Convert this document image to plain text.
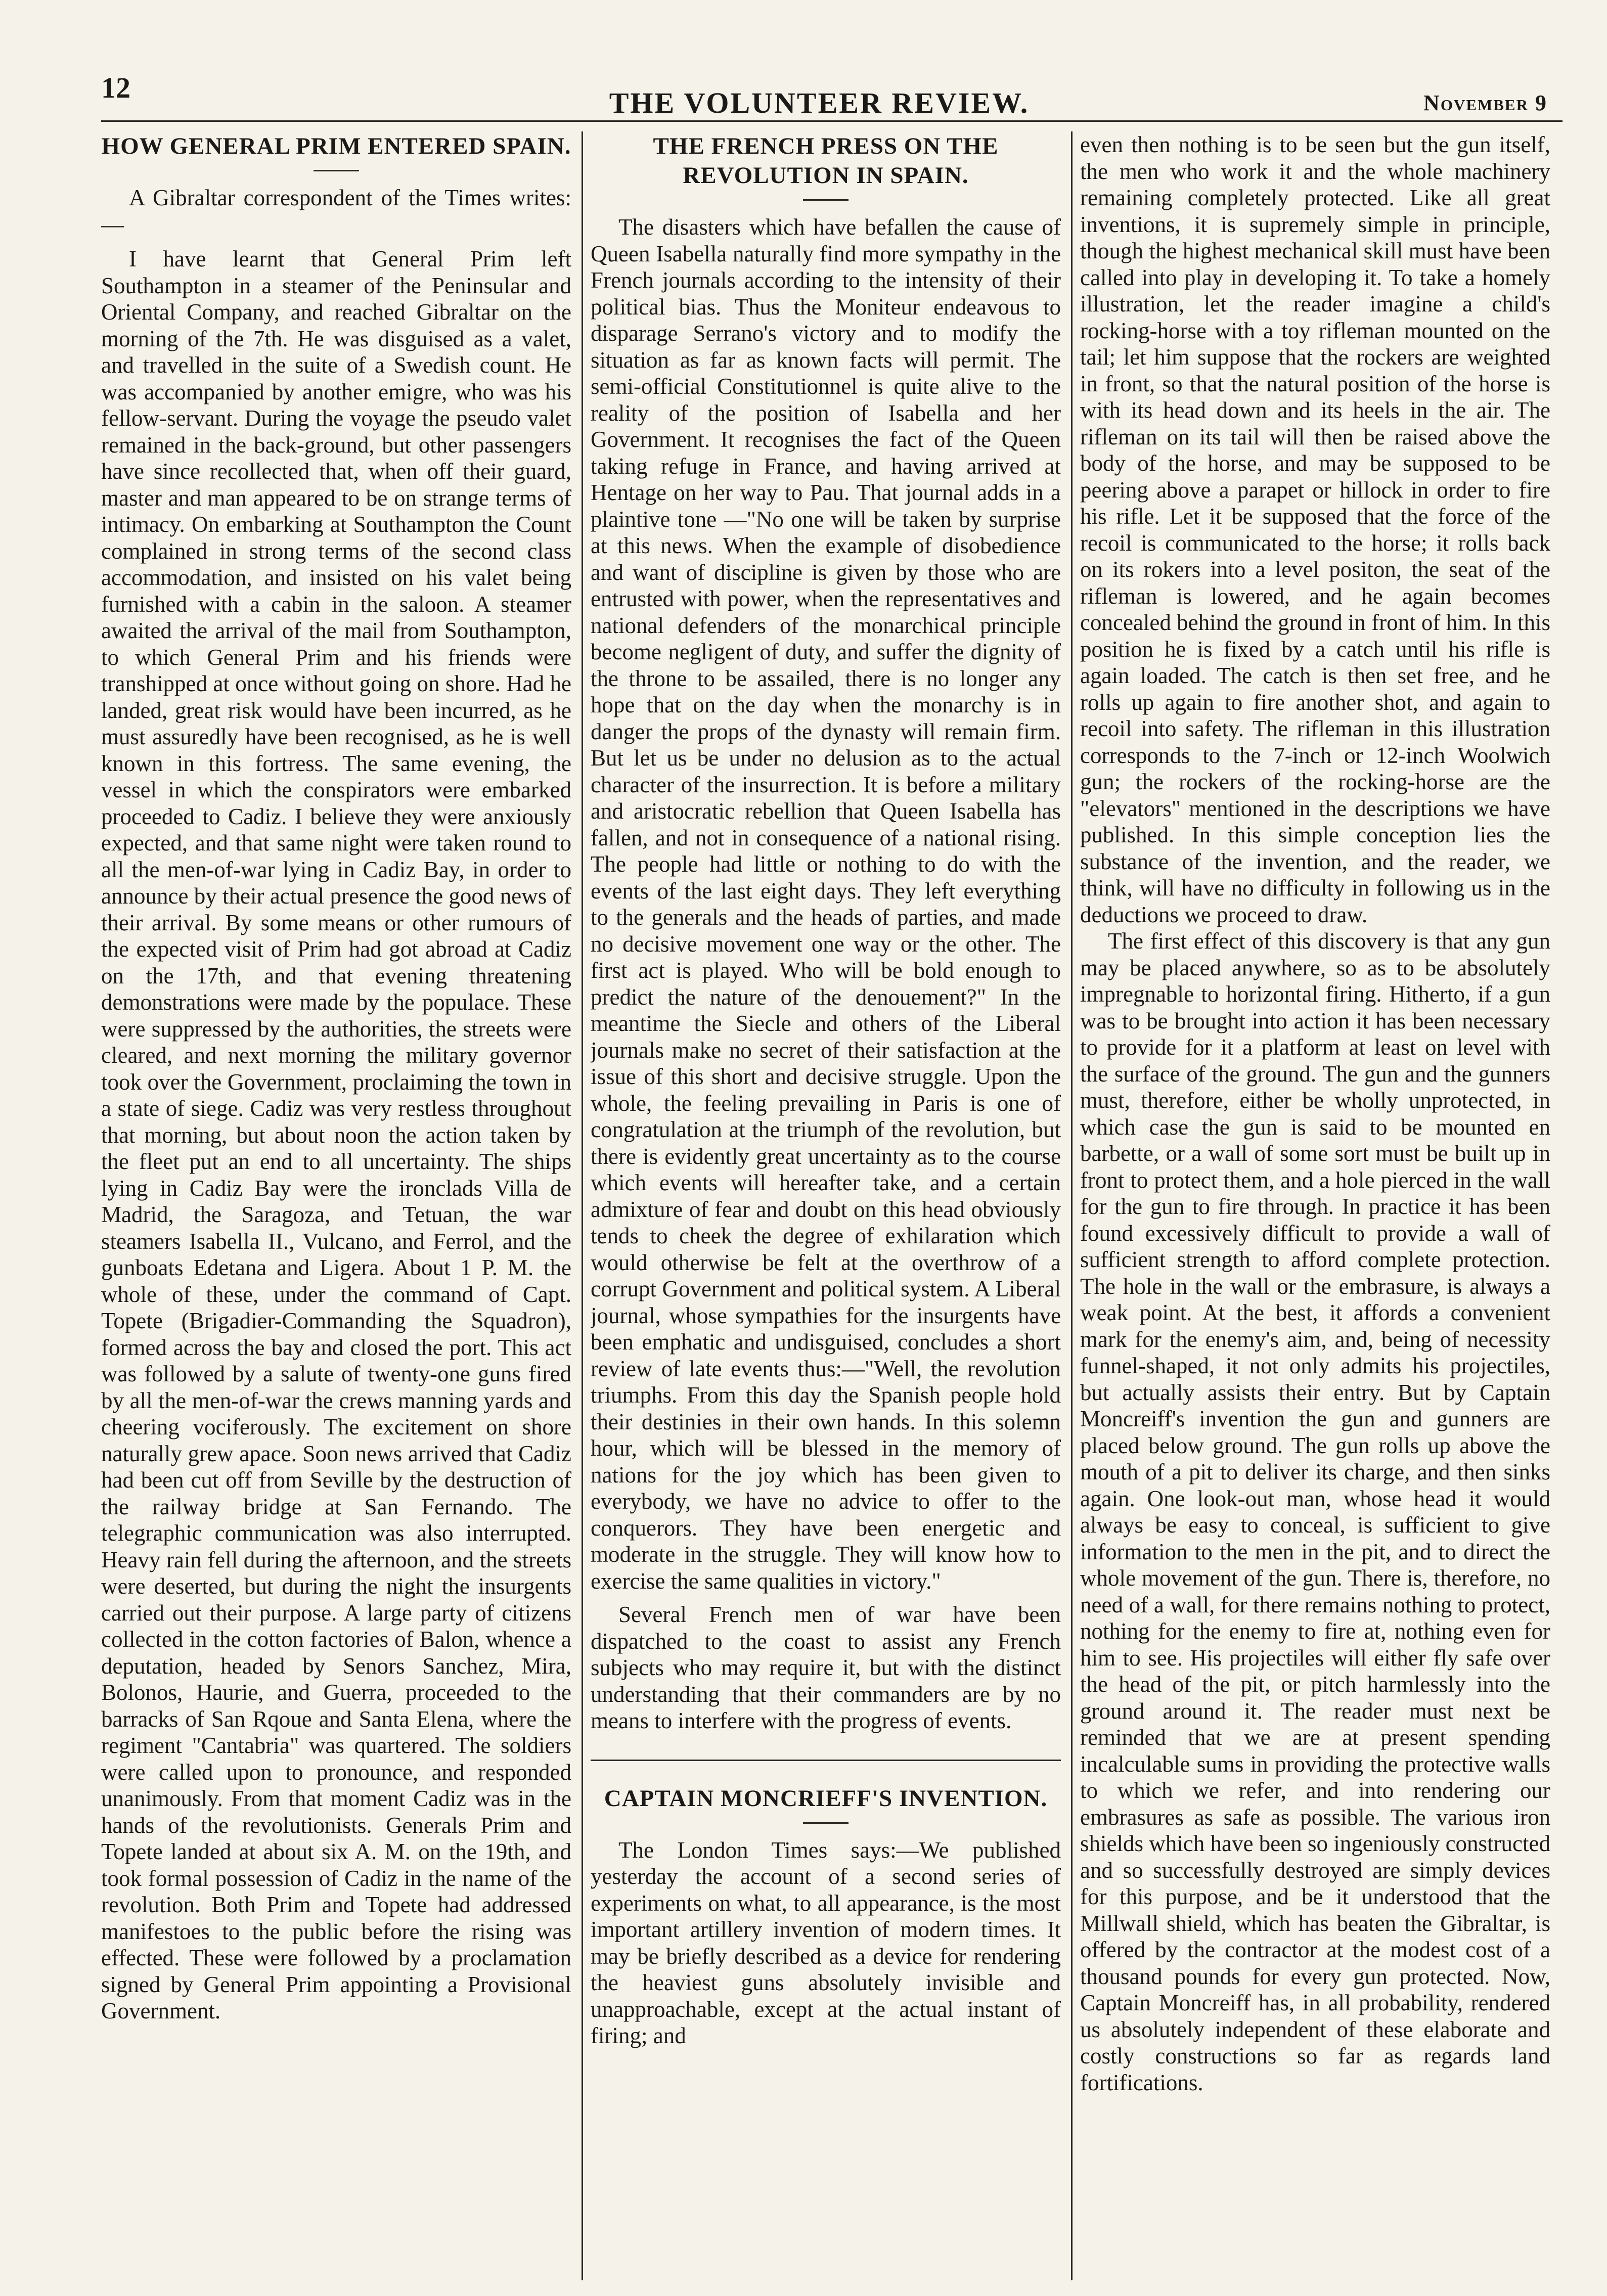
12	THE VOLUNTEER REVIEW.	November 9
HOW GENERAL PRIM ENTERED SPAIN.

A Gibraltar correspondent of the Times writes:—

I have learnt that General Prim left Southampton in a steamer of the Peninsular and Oriental Company, and reached Gibraltar on the morning of the 7th. He was disguised as a valet, and travelled in the suite of a Swedish count. He was accompanied by another emigre, who was his fellow-servant. During the voyage the pseudo valet remained in the back-ground, but other passengers have since recollected that, when off their guard, master and man appeared to be on strange terms of intimacy. On embarking at Southampton the Count complained in strong terms of the second class accommodation, and insisted on his valet being furnished with a cabin in the saloon. A steamer awaited the arrival of the mail from Southampton, to which General Prim and his friends were transhipped at once without going on shore. Had he landed, great risk would have been incurred, as he must assuredly have been recognised, as he is well known in this fortress. The same evening, the vessel in which the conspirators were embarked proceeded to Cadiz. I believe they were anxiously expected, and that same night were taken round to all the men-of-war lying in Cadiz Bay, in order to announce by their actual presence the good news of their arrival. By some means or other rumours of the expected visit of Prim had got abroad at Cadiz on the 17th, and that evening threatening demonstrations were made by the populace. These were suppressed by the authorities, the streets were cleared, and next morning the military governor took over the Government, proclaiming the town in a state of siege. Cadiz was very restless throughout that morning, but about noon the action taken by the fleet put an end to all uncertainty. The ships lying in Cadiz Bay were the ironclads Villa de Madrid, the Saragoza, and Tetuan, the war steamers Isabella II., Vulcano, and Ferrol, and the gunboats Edetana and Ligera. About 1 P. M. the whole of these, under the command of Capt. Topete (Brigadier-Commanding the Squadron), formed across the bay and closed the port. This act was followed by a salute of twenty-one guns fired by all the men-of-war the crews manning yards and cheering vociferously. The excitement on shore naturally grew apace. Soon news arrived that Cadiz had been cut off from Seville by the destruction of the railway bridge at San Fernando. The telegraphic communication was also interrupted. Heavy rain fell during the afternoon, and the streets were deserted, but during the night the insurgents carried out their purpose. A large party of citizens collected in the cotton factories of Balon, whence a deputation, headed by Senors Sanchez, Mira, Bolonos, Haurie, and Guerra, proceeded to the barracks of San Rqoue and Santa Elena, where the regiment "Cantabria" was quartered. The soldiers were called upon to pronounce, and responded unanimously. From that moment Cadiz was in the hands of the revolutionists. Generals Prim and Topete landed at about six A. M. on the 19th, and took formal possession of Cadiz in the name of the revolution. Both Prim and Topete had addressed manifestoes to the public before the rising was effected. These were followed by a proclamation signed by General Prim appointing a Provisional Government.

THE FRENCH PRESS ON THE REVOLUTION IN SPAIN.

The disasters which have befallen the cause of Queen Isabella naturally find more sympathy in the French journals according to the intensity of their political bias. Thus the Moniteur endeavous to disparage Serrano's victory and to modify the situation as far as known facts will permit. The semi-official Constitutionnel is quite alive to the reality of the position of Isabella and her Government. It recognises the fact of the Queen taking refuge in France, and having arrived at Hentage on her way to Pau. That journal adds in a plaintive tone —"No one will be taken by surprise at this news. When the example of disobedience and want of discipline is given by those who are entrusted with power, when the representatives and national defenders of the monarchical principle become negligent of duty, and suffer the dignity of the throne to be assailed, there is no longer any hope that on the day when the monarchy is in danger the props of the dynasty will remain firm. But let us be under no delusion as to the actual character of the insurrection. It is before a military and aristocratic rebellion that Queen Isabella has fallen, and not in consequence of a national rising. The people had little or nothing to do with the events of the last eight days. They left everything to the generals and the heads of parties, and made no decisive movement one way or the other. The first act is played. Who will be bold enough to predict the nature of the denouement?" In the meantime the Siecle and others of the Liberal journals make no secret of their satisfaction at the issue of this short and decisive struggle. Upon the whole, the feeling prevailing in Paris is one of congratulation at the triumph of the revolution, but there is evidently great uncertainty as to the course which events will hereafter take, and a certain admixture of fear and doubt on this head obviously tends to cheek the degree of exhilaration which would otherwise be felt at the overthrow of a corrupt Government and political system. A Liberal journal, whose sympathies for the insurgents have been emphatic and undisguised, concludes a short review of late events thus:—"Well, the revolution triumphs. From this day the Spanish people hold their destinies in their own hands. In this solemn hour, which will be blessed in the memory of nations for the joy which has been given to everybody, we have no advice to offer to the conquerors. They have been energetic and moderate in the struggle. They will know how to exercise the same qualities in victory."

Several French men of war have been dispatched to the coast to assist any French subjects who may require it, but with the distinct understanding that their commanders are by no means to interfere with the progress of events.

CAPTAIN MONCRIEFF'S INVENTION.

The London Times says:—We published yesterday the account of a second series of experiments on what, to all appearance, is the most important artillery invention of modern times. It may be briefly described as a device for rendering the heaviest guns absolutely invisible and unapproachable, except at the actual instant of firing; and

even then nothing is to be seen but the gun itself, the men who work it and the whole machinery remaining completely protected. Like all great inventions, it is supremely simple in principle, though the highest mechanical skill must have been called into play in developing it. To take a homely illustration, let the reader imagine a child's rocking-horse with a toy rifleman mounted on the tail; let him suppose that the rockers are weighted in front, so that the natural position of the horse is with its head down and its heels in the air. The rifleman on its tail will then be raised above the body of the horse, and may be supposed to be peering above a parapet or hillock in order to fire his rifle. Let it be supposed that the force of the recoil is communicated to the horse; it rolls back on its rokers into a level positon, the seat of the rifleman is lowered, and he again becomes concealed behind the ground in front of him. In this position he is fixed by a catch until his rifle is again loaded. The catch is then set free, and he rolls up again to fire another shot, and again to recoil into safety. The rifleman in this illustration corresponds to the 7-inch or 12-inch Woolwich gun; the rockers of the rocking-horse are the "elevators" mentioned in the descriptions we have published. In this simple conception lies the substance of the invention, and the reader, we think, will have no difficulty in following us in the deductions we proceed to draw.

The first effect of this discovery is that any gun may be placed anywhere, so as to be absolutely impregnable to horizontal firing. Hitherto, if a gun was to be brought into action it has been necessary to provide for it a platform at least on level with the surface of the ground. The gun and the gunners must, therefore, either be wholly unprotected, in which case the gun is said to be mounted en barbette, or a wall of some sort must be built up in front to protect them, and a hole pierced in the wall for the gun to fire through. In practice it has been found excessively difficult to provide a wall of sufficient strength to afford complete protection. The hole in the wall or the embrasure, is always a weak point. At the best, it affords a convenient mark for the enemy's aim, and, being of necessity funnel-shaped, it not only admits his projectiles, but actually assists their entry. But by Captain Moncreiff's invention the gun and gunners are placed below ground. The gun rolls up above the mouth of a pit to deliver its charge, and then sinks again. One look-out man, whose head it would always be easy to conceal, is sufficient to give information to the men in the pit, and to direct the whole movement of the gun. There is, therefore, no need of a wall, for there remains nothing to protect, nothing for the enemy to fire at, nothing even for him to see. His projectiles will either fly safe over the head of the pit, or pitch harmlessly into the ground around it. The reader must next be reminded that we are at present spending incalculable sums in providing the protective walls to which we refer, and into rendering our embrasures as safe as possible. The various iron shields which have been so ingeniously constructed and so successfully destroyed are simply devices for this purpose, and be it understood that the Millwall shield, which has beaten the Gibraltar, is offered by the contractor at the modest cost of a thousand pounds for every gun protected. Now, Captain Moncreiff has, in all probability, rendered us absolutely independent of these elaborate and costly constructions so far as regards land fortifications.
